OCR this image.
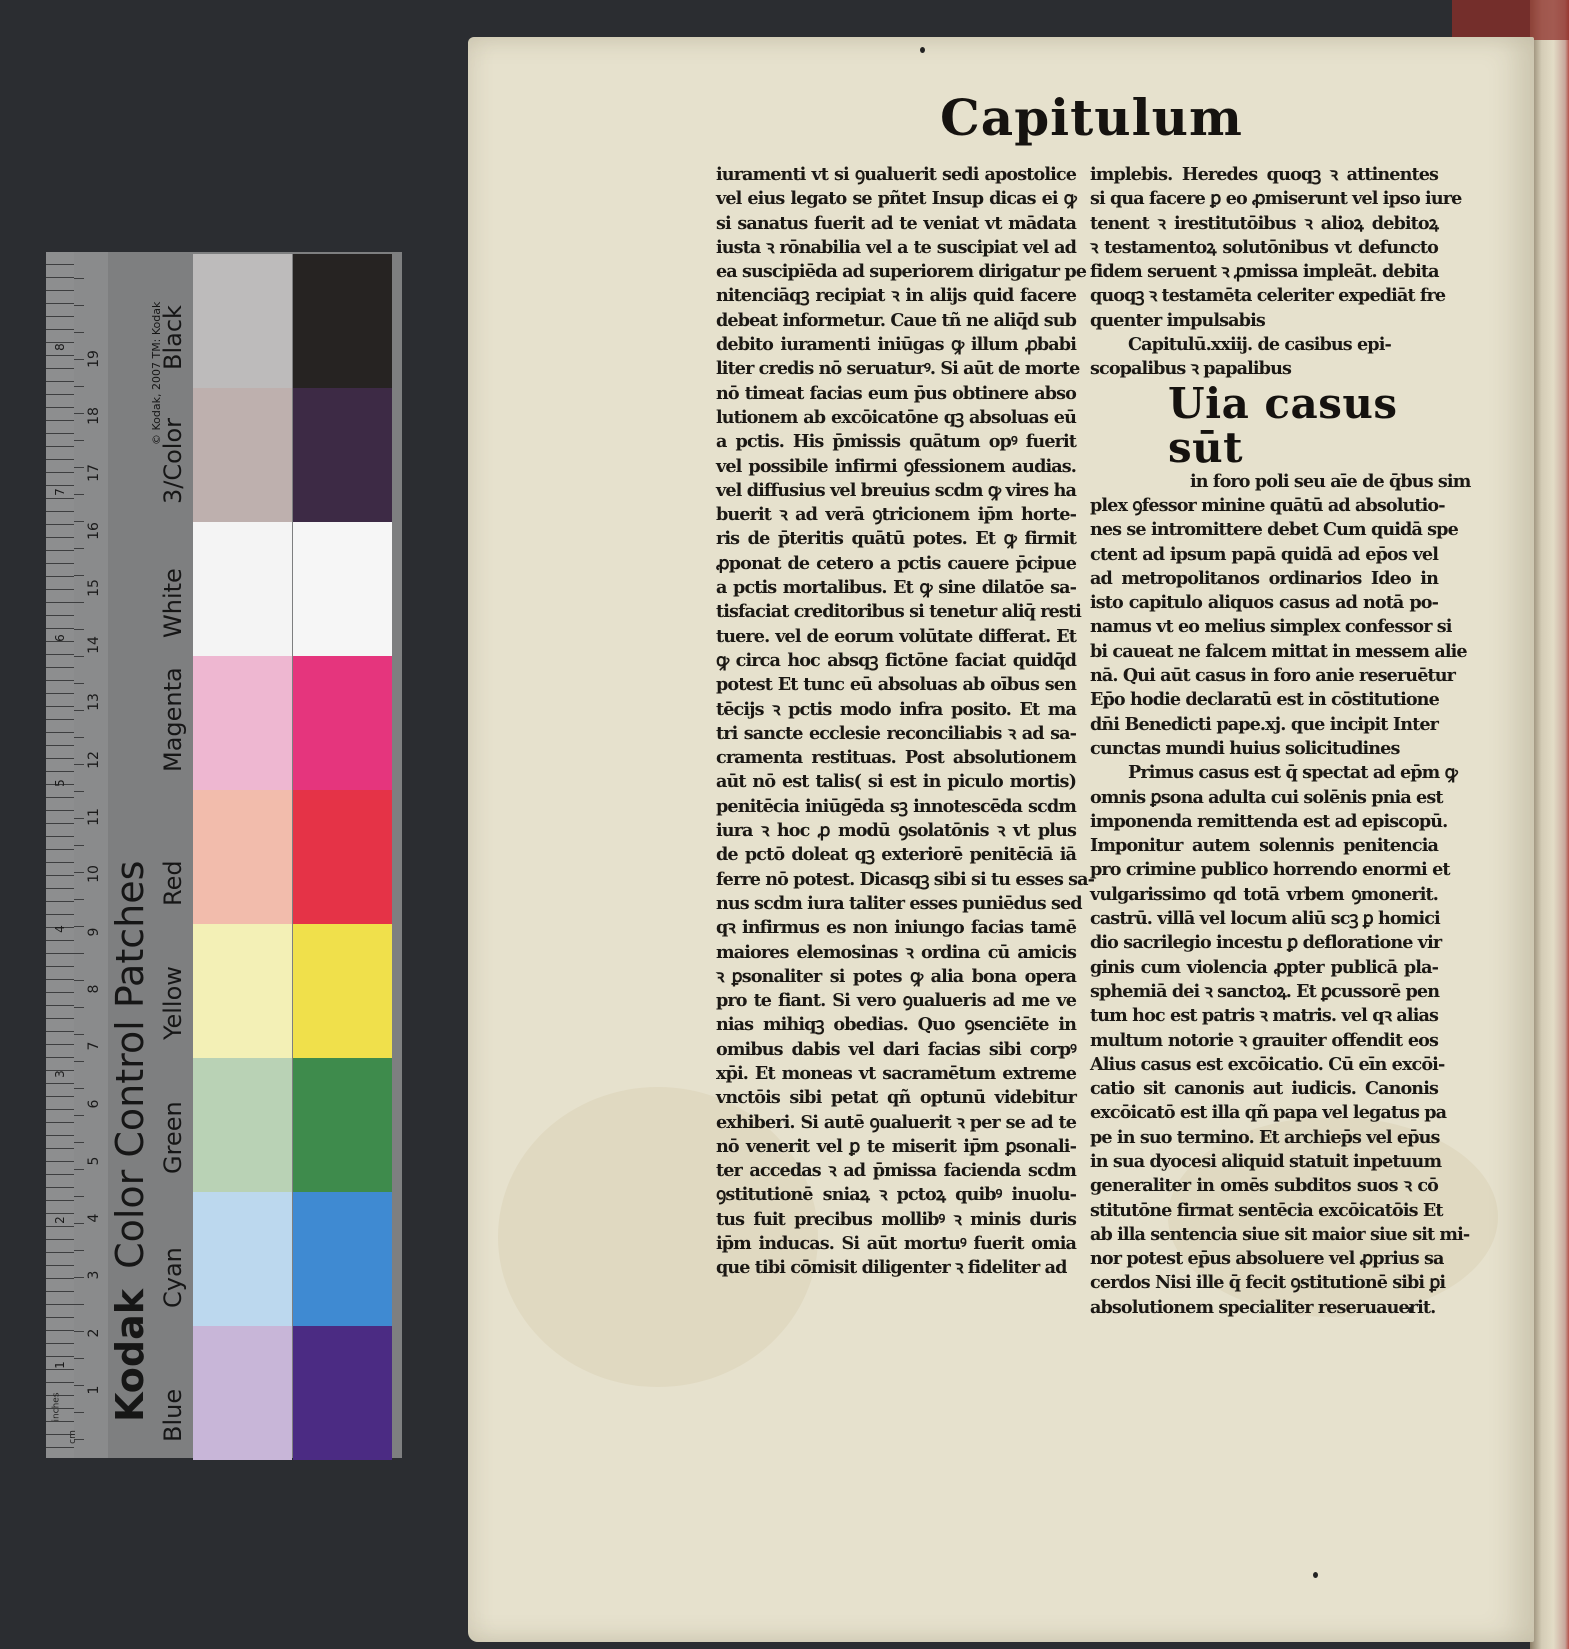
1
2
3
4
5
6
7
8
9
10
11
12
13
14
15
16
17
18
19
1
2
3
4
5
6
7
8
inches
cm
Kodak Color Control Patches
© Kodak, 2007 TM: Kodak
Black
3/Color
White
Magenta
Red
Yellow
Green
Cyan
Blue
Capitulum
iuramenti vt si ꝯualuerit sedi apostolice
vel eius legato se pñtet Insup dicas ei ꝙ
si sanatus fuerit ad te veniat vt mādata
iusta ꝛ rōnabilia vel a te suscipiat vel ad
ea suscipiēda ad superiorem dirigatur pe
nitenciāqꝫ recipiat ꝛ in alijs quid facere
debeat informetur. Caue tñ ne aliq̄d sub
debito iuramenti iniūgas ꝙ illum ꝓbabi
liter credis nō seruaturꝰ. Si aūt de morte
nō timeat facias eum p̄us obtinere abso
lutionem ab excōicatōne qꝫ absoluas eū
a pctis. His p̄missis quātum opꝰ fuerit
vel possibile infirmi ꝯfessionem audias.
vel diffusius vel breuius scdm ꝙ vires ha
buerit ꝛ ad verā ꝯtricionem ip̄m horte-
ris de p̄teritis quātū potes. Et ꝙ firmit
ꝓponat de cetero a pctis cauere p̄cipue
a pctis mortalibus. Et ꝙ sine dilatōe sa-
tisfaciat creditoribus si tenetur aliq̄ resti
tuere. vel de eorum volūtate differat. Et
ꝙ circa hoc absqꝫ fictōne faciat quidq̄d
potest Et tunc eū absoluas ab oībus sen
tēcijs ꝛ pctis modo infra posito. Et ma
tri sancte ecclesie reconciliabis ꝛ ad sa-
cramenta restituas. Post absolutionem
aūt nō est talis( si est in piculo mortis)
penitēcia iniūgēda sꝫ innotescēda scdm
iura ꝛ hoc ꝓ modū ꝯsolatōnis ꝛ vt plus
de pctō doleat qꝫ exteriorē penitēciā iā
ferre nō potest. Dicasqꝫ sibi si tu esses sa-
nus scdm iura taliter esses puniēdus sed
qꝛ infirmus es non iniungo facias tamē
maiores elemosinas ꝛ ordina cū amicis
ꝛ ꝑsonaliter si potes ꝙ alia bona opera
pro te fiant. Si vero ꝯualueris ad me ve
nias mihiqꝫ obedias. Quo ꝯsenciēte in
omibus dabis vel dari facias sibi corpꝰ
xp̄i. Et moneas vt sacramētum extreme
vnctōis sibi petat qñ optunū videbitur
exhiberi. Si autē ꝯualuerit ꝛ per se ad te
nō venerit vel ꝑ te miserit ip̄m ꝑsonali-
ter accedas ꝛ ad p̄missa facienda scdm
ꝯstitutionē sniaꝝ ꝛ pctoꝝ quibꝰ inuolu-
tus fuit precibus mollibꝰ ꝛ minis duris
ip̄m inducas. Si aūt mortuꝰ fuerit omia
que tibi cōmisit diligenter ꝛ fideliter ad
implebis. Heredes quoqꝫ ꝛ attinentes
si qua facere ꝑ eo ꝓmiserunt vel ipso iure
tenent ꝛ irestitutōibus ꝛ alioꝝ debitoꝝ
ꝛ testamentoꝝ solutōnibus vt defuncto
fidem seruent ꝛ ꝓmissa impleāt. debita
quoqꝫ ꝛ testamēta celeriter expediāt fre
quenter impulsabis
Capitulū.xxiij. de casibus epi-
scopalibus ꝛ papalibus
Uia casus sūt
in foro poli seu aīe de q̄bus sim
plex ꝯfessor minine quātū ad absolutio-
nes se intromittere debet Cum quidā spe
ctent ad ipsum papā quidā ad ep̄os vel
ad metropolitanos ordinarios Ideo in
isto capitulo aliquos casus ad notā po-
namus vt eo melius simplex confessor si
bi caueat ne falcem mittat in messem alie
nā. Qui aūt casus in foro anie reseruētur
Ep̄o hodie declaratū est in cōstitutione
dn̄i Benedicti pape.xj. que incipit Inter
cunctas mundi huius solicitudines
Primus casus est q̄ spectat ad ep̄m ꝙ
omnis ꝑsona adulta cui solēnis pnia est
imponenda remittenda est ad episcopū.
Imponitur autem solennis penitencia
pro crimine publico horrendo enormi et
vulgarissimo qd totā vrbem ꝯmonerit.
castrū. villā vel locum aliū scꝫ ꝑ homici
dio sacrilegio incestu ꝑ defloratione vir
ginis cum violencia ꝓpter publicā pla-
sphemiā dei ꝛ sanctoꝝ. Et ꝑcussorē pen
tum hoc est patris ꝛ matris. vel qꝛ alias
multum notorie ꝛ grauiter offendit eos
Alius casus est excōicatio. Cū eīn excōi-
catio sit canonis aut iudicis. Canonis
excōicatō est illa qñ papa vel legatus pa
pe in suo termino. Et archiep̄s vel ep̄us
in sua dyocesi aliquid statuit inpetuum
generaliter in omēs subditos suos ꝛ cō
stitutōne firmat sentēcia excōicatōis Et
ab illa sentencia siue sit maior siue sit mi-
nor potest ep̄us absoluere vel ꝓprius sa
cerdos Nisi ille q̄ fecit ꝯstitutionē sibi ꝑi
absolutionem specialiter reseruauerit.
